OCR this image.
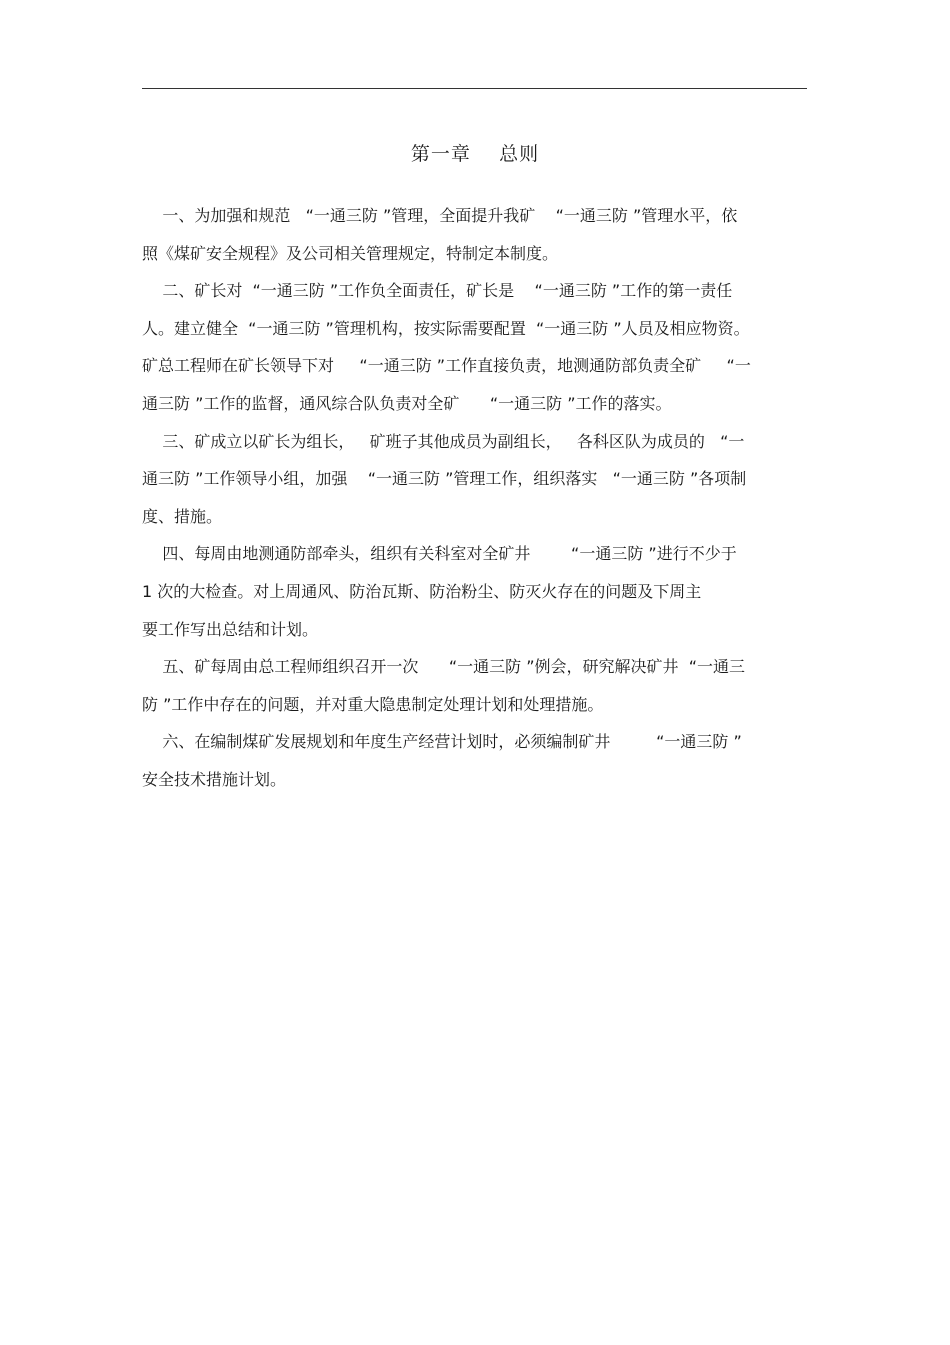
第一章    总则

一、为加强和规范   “一通三防 ”管理，全面提升我矿    “一通三防 ”管理水平，依
照《煤矿安全规程》及公司相关管理规定，特制定本制度。

二、矿长对  “一通三防 ”工作负全面责任，矿长是    “一通三防 ”工作的第一责任
人。建立健全  “一通三防 ”管理机构，按实际需要配置  “一通三防 ”人员及相应物资。
矿总工程师在矿长领导下对     “一通三防 ”工作直接负责，地测通防部负责全矿     “一
通三防 ”工作的监督，通风综合队负责对全矿      “一通三防 ”工作的落实。

三、矿成立以矿长为组长，   矿班子其他成员为副组长，   各科区队为成员的   “一
通三防 ”工作领导小组，加强    “一通三防 ”管理工作，组织落实   “一通三防 ”各项制
度、措施。

四、每周由地测通防部牵头，组织有关科室对全矿井        “一通三防 ”进行不少于
1 次的大检查。对上周通风、防治瓦斯、防治粉尘、防灭火存在的问题及下周主
要工作写出总结和计划。

五、矿每周由总工程师组织召开一次      “一通三防 ”例会，研究解决矿井  “一通三
防 ”工作中存在的问题，并对重大隐患制定处理计划和处理措施。

六、在编制煤矿发展规划和年度生产经营计划时，必须编制矿井         “一通三防 ”
安全技术措施计划。
